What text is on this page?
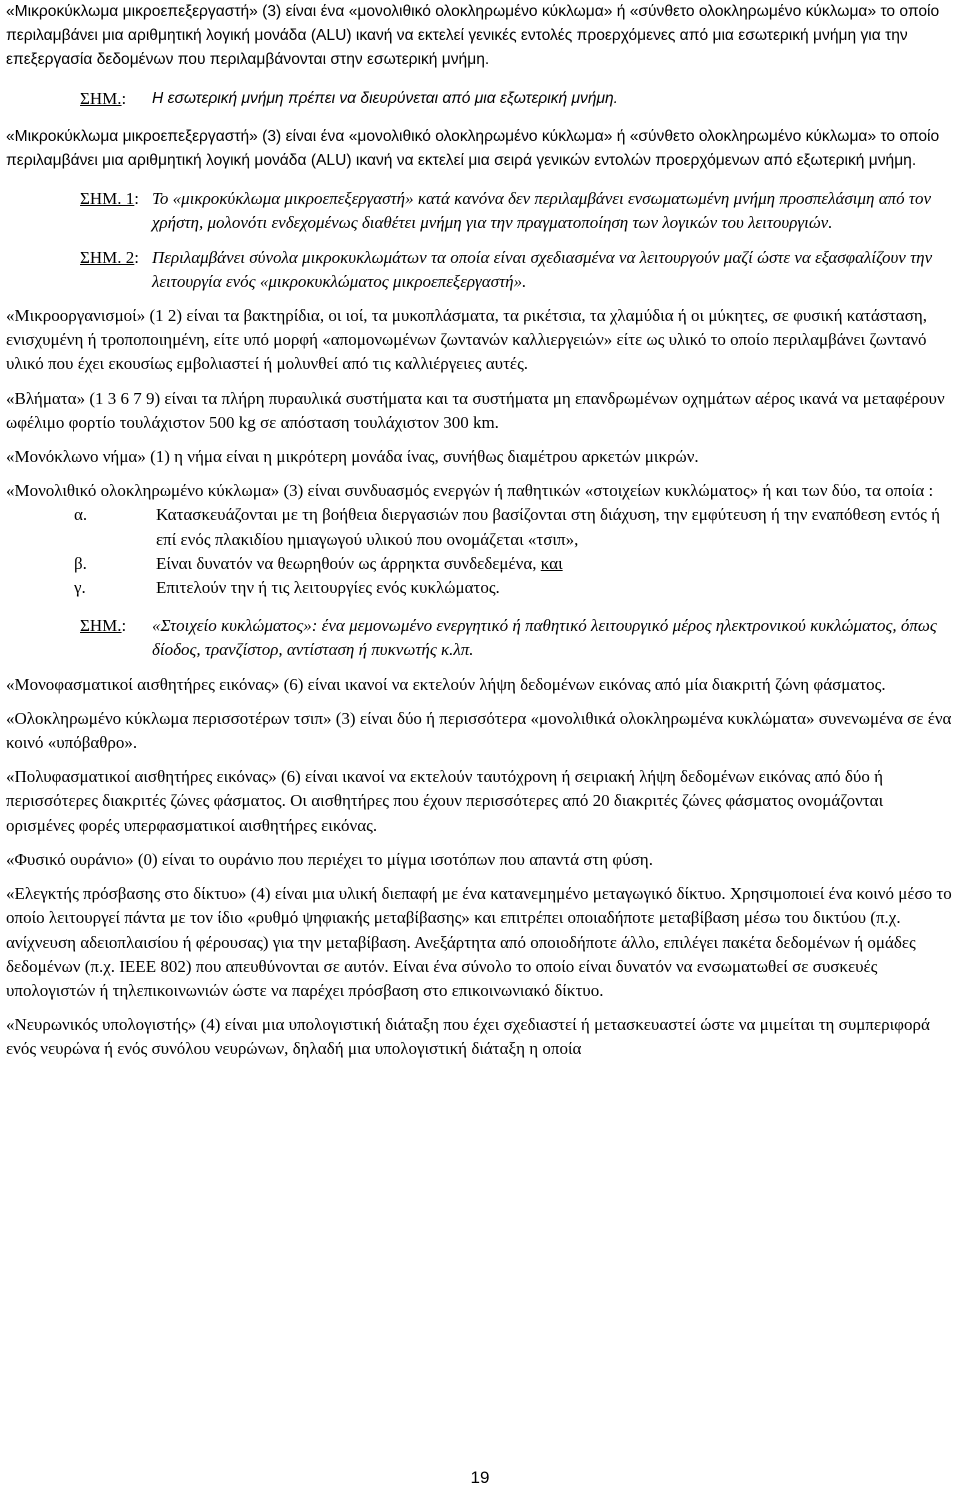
«Μικροκύκλωμα μικροεπεξεργαστή» (3) είναι ένα «μονολιθικό ολοκληρωμένο κύκλωμα» ή «σύνθετο ολοκληρωμένο κύκλωμα» το οποίο περιλαμβάνει μια αριθμητική λογική μονάδα (ALU) ικανή να εκτελεί γενικές εντολές προερχόμενες από μια εσωτερική μνήμη για την επεξεργασία δεδομένων που περιλαμβάνονται στην εσωτερική μνήμη.

ΣΗΜ.:	Η εσωτερική μνήμη πρέπει να διευρύνεται από μια εξωτερική μνήμη.

«Μικροκύκλωμα μικροεπεξεργαστή» (3) είναι ένα «μονολιθικό ολοκληρωμένο κύκλωμα» ή «σύνθετο ολοκληρωμένο κύκλωμα» το οποίο περιλαμβάνει μια αριθμητική λογική μονάδα (ALU) ικανή να εκτελεί μια σειρά γενικών εντολών προερχόμενων από εξωτερική μνήμη.

ΣΗΜ. 1: Το «μικροκύκλωμα μικροεπεξεργαστή» κατά κανόνα δεν περιλαμβάνει ενσωματωμένη μνήμη προσπελάσιμη από τον χρήστη, μολονότι ενδεχομένως διαθέτει μνήμη για την πραγματοποίηση των λογικών του λειτουργιών.
ΣΗΜ. 2: Περιλαμβάνει σύνολα μικροκυκλωμάτων τα οποία είναι σχεδιασμένα να λειτουργούν μαζί ώστε να εξασφαλίζουν την λειτουργία ενός «μικροκυκλώματος μικροεπεξεργαστή».

«Μικροοργανισμοί» (1 2) είναι τα βακτηρίδια, οι ιοί, τα μυκοπλάσματα, τα ρικέτσια, τα χλαμύδια ή οι μύκητες, σε φυσική κατάσταση, ενισχυμένη ή τροποποιημένη, είτε υπό μορφή «απομονωμένων ζωντανών καλλιεργειών» είτε ως υλικό το οποίο περιλαμβάνει ζωντανό υλικό που έχει εκουσίως εμβολιαστεί ή μολυνθεί από τις καλλιέργειες αυτές.

«Βλήματα» (1 3 6 7 9) είναι τα πλήρη πυραυλικά συστήματα και τα συστήματα μη επανδρωμένων οχημάτων αέρος ικανά να μεταφέρουν ωφέλιμο φορτίο τουλάχιστον 500 kg σε απόσταση τουλάχιστον 300 km.

«Μονόκλωνο νήμα» (1) η νήμα είναι η μικρότερη μονάδα ίνας, συνήθως διαμέτρου αρκετών μικρών.

«Μονολιθικό ολοκληρωμένο κύκλωμα» (3) είναι συνδυασμός ενεργών ή παθητικών «στοιχείων κυκλώματος» ή και των δύο, τα οποία :

α.	Κατασκευάζονται με τη βοήθεια διεργασιών που βασίζονται στη διάχυση, την εμφύτευση ή την εναπόθεση εντός ή επί ενός πλακιδίου ημιαγωγού υλικού που ονομάζεται «τσιπ»,
β.	Είναι δυνατόν να θεωρηθούν ως άρρηκτα συνδεδεμένα, και
γ.	Επιτελούν την ή τις λειτουργίες ενός κυκλώματος.
ΣΗΜ.:	«Στοιχείο κυκλώματος»: ένα μεμονωμένο ενεργητικό ή παθητικό λειτουργικό μέρος ηλεκτρονικού κυκλώματος, όπως δίοδος, τρανζίστορ, αντίσταση ή πυκνωτής κ.λπ.

«Μονοφασματικοί αισθητήρες εικόνας» (6) είναι ικανοί να εκτελούν λήψη δεδομένων εικόνας από μία διακριτή ζώνη φάσματος.

«Ολοκληρωμένο κύκλωμα περισσοτέρων τσιπ» (3) είναι δύο ή περισσότερα «μονολιθικά ολοκληρωμένα κυκλώματα» συνενωμένα σε ένα κοινό «υπόβαθρο».

«Πολυφασματικοί αισθητήρες εικόνας» (6) είναι ικανοί να εκτελούν ταυτόχρονη ή σειριακή λήψη δεδομένων εικόνας από δύο ή περισσότερες διακριτές ζώνες φάσματος. Οι αισθητήρες που έχουν περισσότερες από 20 διακριτές ζώνες φάσματος ονομάζονται ορισμένες φορές υπερφασματικοί αισθητήρες εικόνας.

«Φυσικό ουράνιο» (0) είναι το ουράνιο που περιέχει το μίγμα ισοτόπων που απαντά στη φύση.

«Ελεγκτής πρόσβασης στο δίκτυο» (4) είναι μια υλική διεπαφή με ένα κατανεμημένο μεταγωγικό δίκτυο. Χρησιμοποιεί ένα κοινό μέσο το οποίο λειτουργεί πάντα με τον ίδιο «ρυθμό ψηφιακής μεταβίβασης» και επιτρέπει οποιαδήποτε μεταβίβαση μέσω του δικτύου (π.χ. ανίχνευση αδειοπλαισίου ή φέρουσας) για την μεταβίβαση. Ανεξάρτητα από οποιοδήποτε άλλο, επιλέγει πακέτα δεδομένων ή ομάδες δεδομένων (π.χ. IEEE 802) που απευθύνονται σε αυτόν. Είναι ένα σύνολο το οποίο είναι δυνατόν να ενσωματωθεί σε συσκευές υπολογιστών ή τηλεπικοινωνιών ώστε να παρέχει πρόσβαση στο επικοινωνιακό δίκτυο.

«Νευρωνικός υπολογιστής» (4) είναι μια υπολογιστική διάταξη που έχει σχεδιαστεί ή μετασκευαστεί ώστε να μιμείται τη συμπεριφορά ενός νευρώνα ή ενός συνόλου νευρώνων, δηλαδή μια υπολογιστική διάταξη η οποία

19
